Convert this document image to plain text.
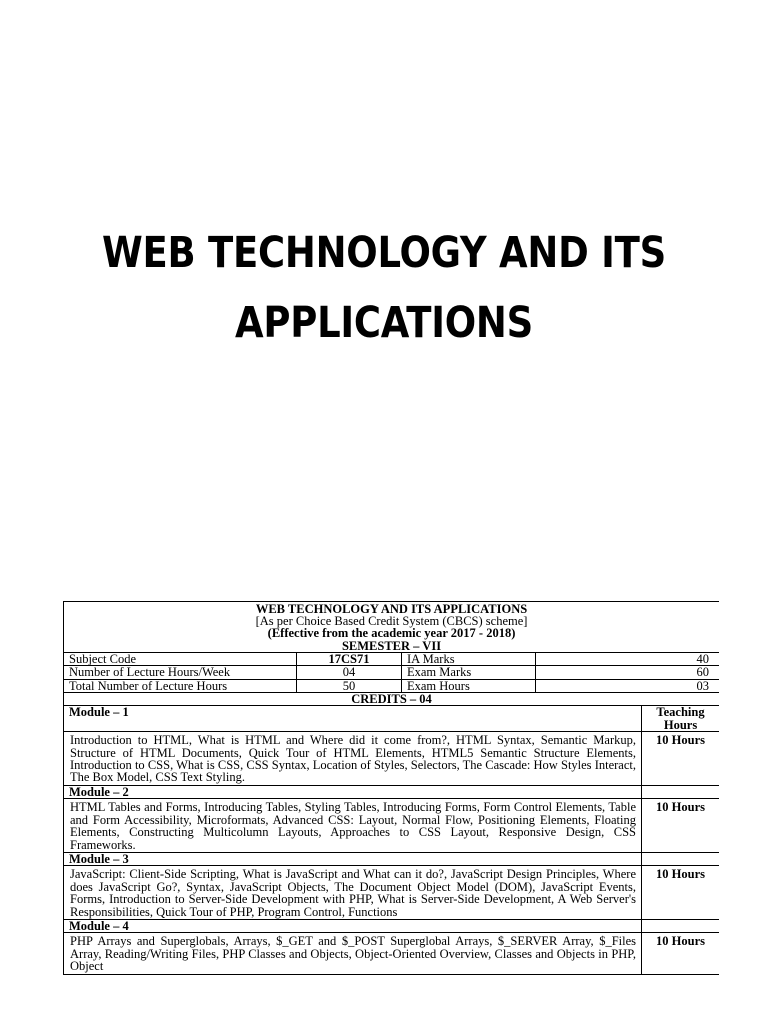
WEB TECHNOLOGY AND ITS
APPLICATIONS
WEB TECHNOLOGY AND ITS APPLICATIONS
[As per Choice Based Credit System (CBCS) scheme]
(Effective from the academic year 2017 - 2018)
SEMESTER – VII				

Subject Code	17CS71	IA Marks	40	
Number of Lecture Hours/Week	04	Exam Marks	60	
Total Number of Lecture Hours	50	Exam Hours	03	
CREDITS – 04				
Module – 1				Teaching Hours
Introduction to HTML, What is HTML and Where did it come from?, HTML Syntax, Semantic Markup, Structure of HTML Documents, Quick Tour of HTML Elements, HTML5 Semantic Structure Elements, Introduction to CSS, What is CSS, CSS Syntax, Location of Styles, Selectors, The Cascade: How Styles Interact, The Box Model, CSS Text Styling.				10 Hours
Module – 2				
HTML Tables and Forms, Introducing Tables, Styling Tables, Introducing Forms, Form Control Elements, Table and Form Accessibility, Microformats, Advanced CSS: Layout, Normal Flow, Positioning Elements, Floating Elements, Constructing Multicolumn Layouts, Approaches to CSS Layout, Responsive Design, CSS Frameworks.				10 Hours
Module – 3				
JavaScript: Client-Side Scripting, What is JavaScript and What can it do?, JavaScript Design Principles, Where does JavaScript Go?, Syntax, JavaScript Objects, The Document Object Model (DOM), JavaScript Events, Forms, Introduction to Server-Side Development with PHP, What is Server-Side Development, A Web Server's Responsibilities, Quick Tour of PHP, Program Control, Functions				10 Hours
Module – 4				
PHP Arrays and Superglobals, Arrays, $_GET and $_POST Superglobal Arrays, $_SERVER Array, $_Files Array, Reading/Writing Files, PHP Classes and Objects, Object-Oriented Overview, Classes and Objects in PHP, Object				10 Hours
